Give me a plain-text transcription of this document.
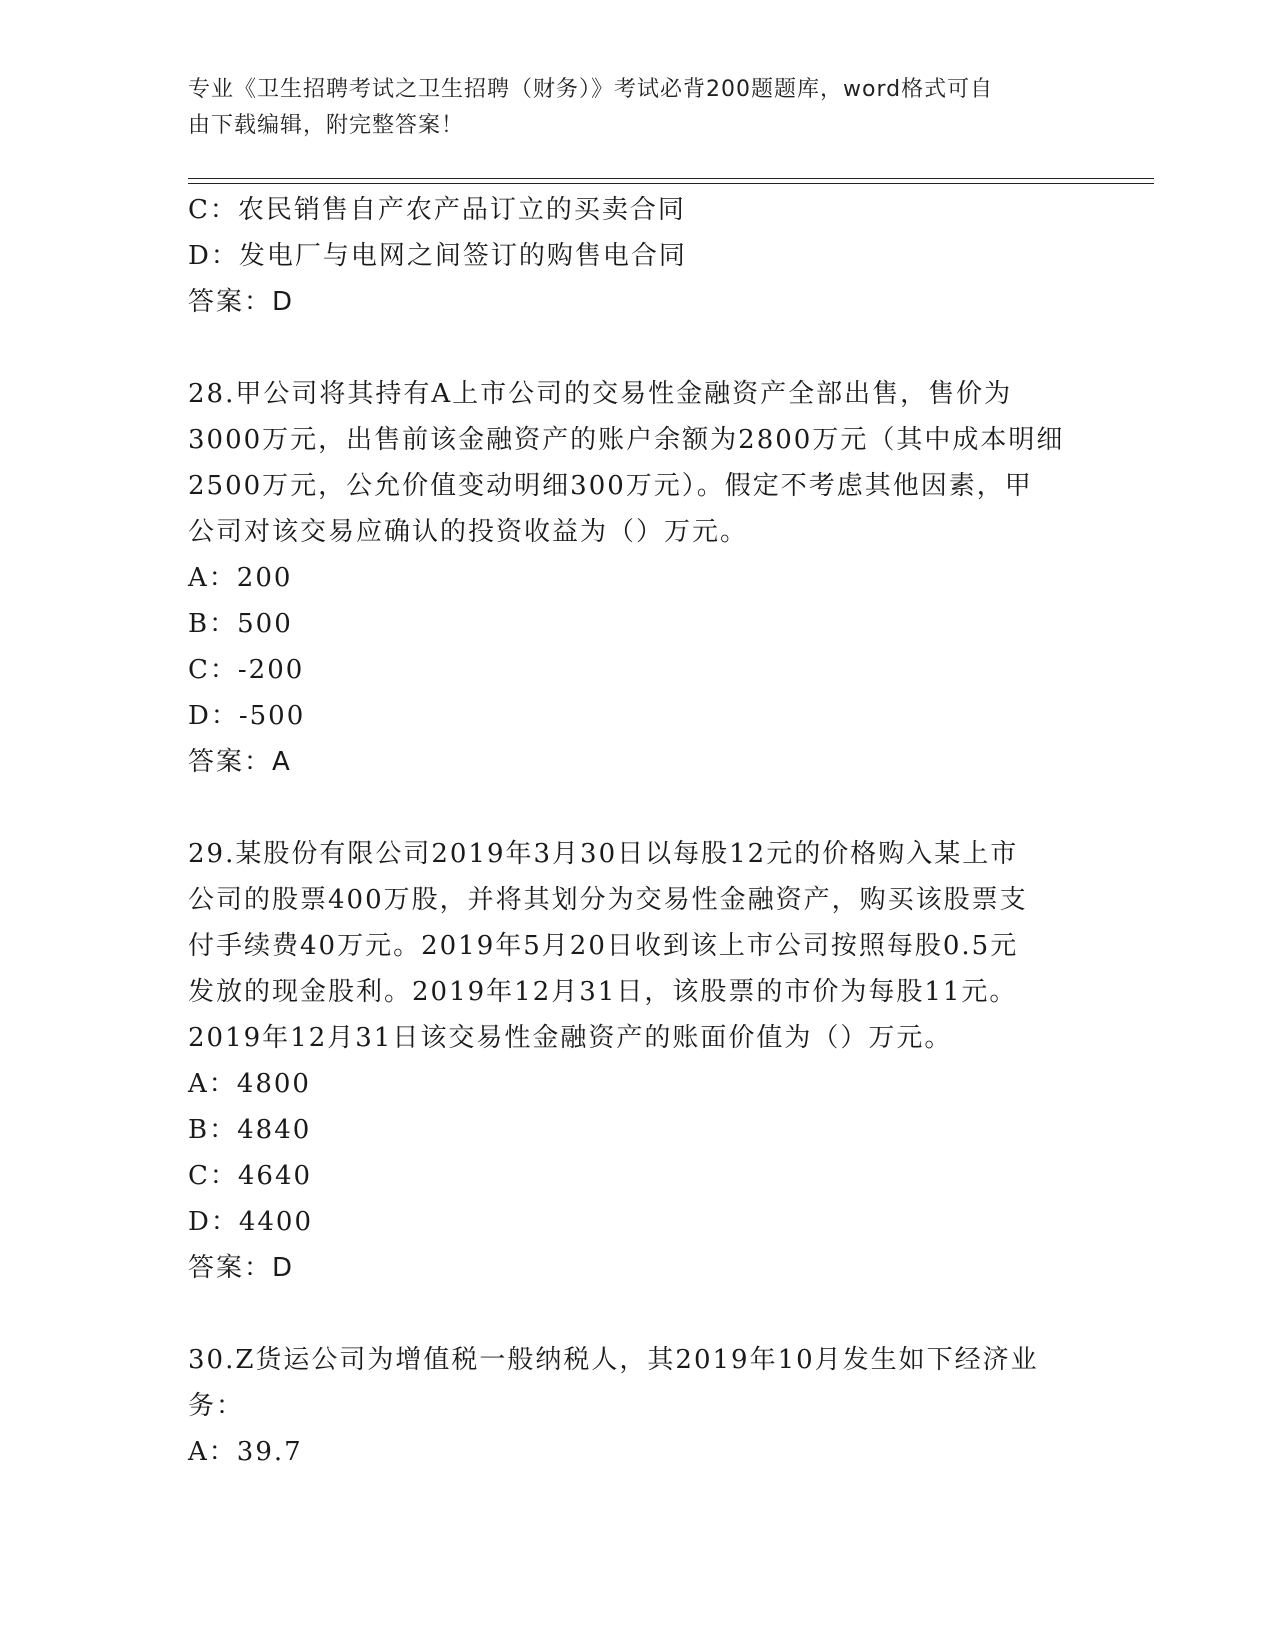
专业《卫生招聘考试之卫生招聘（财务）》考试必背200题题库，word格式可自
由下载编辑，附完整答案！
C：农民销售自产农产品订立的买卖合同
D：发电厂与电网之间签订的购售电合同
答案：D
28.甲公司将其持有A上市公司的交易性金融资产全部出售，售价为
3000万元，出售前该金融资产的账户余额为2800万元（其中成本明细
2500万元，公允价值变动明细300万元）。假定不考虑其他因素，甲
公司对该交易应确认的投资收益为（）万元。
A：200
B：500
C：-200
D：-500
答案：A
29.某股份有限公司2019年3月30日以每股12元的价格购入某上市
公司的股票400万股，并将其划分为交易性金融资产，购买该股票支
付手续费40万元。2019年5月20日收到该上市公司按照每股0.5元
发放的现金股利。2019年12月31日，该股票的市价为每股11元。
2019年12月31日该交易性金融资产的账面价值为（）万元。
A：4800
B：4840
C：4640
D：4400
答案：D
30.Z货运公司为增值税一般纳税人，其2019年10月发生如下经济业
务：
A：39.7
